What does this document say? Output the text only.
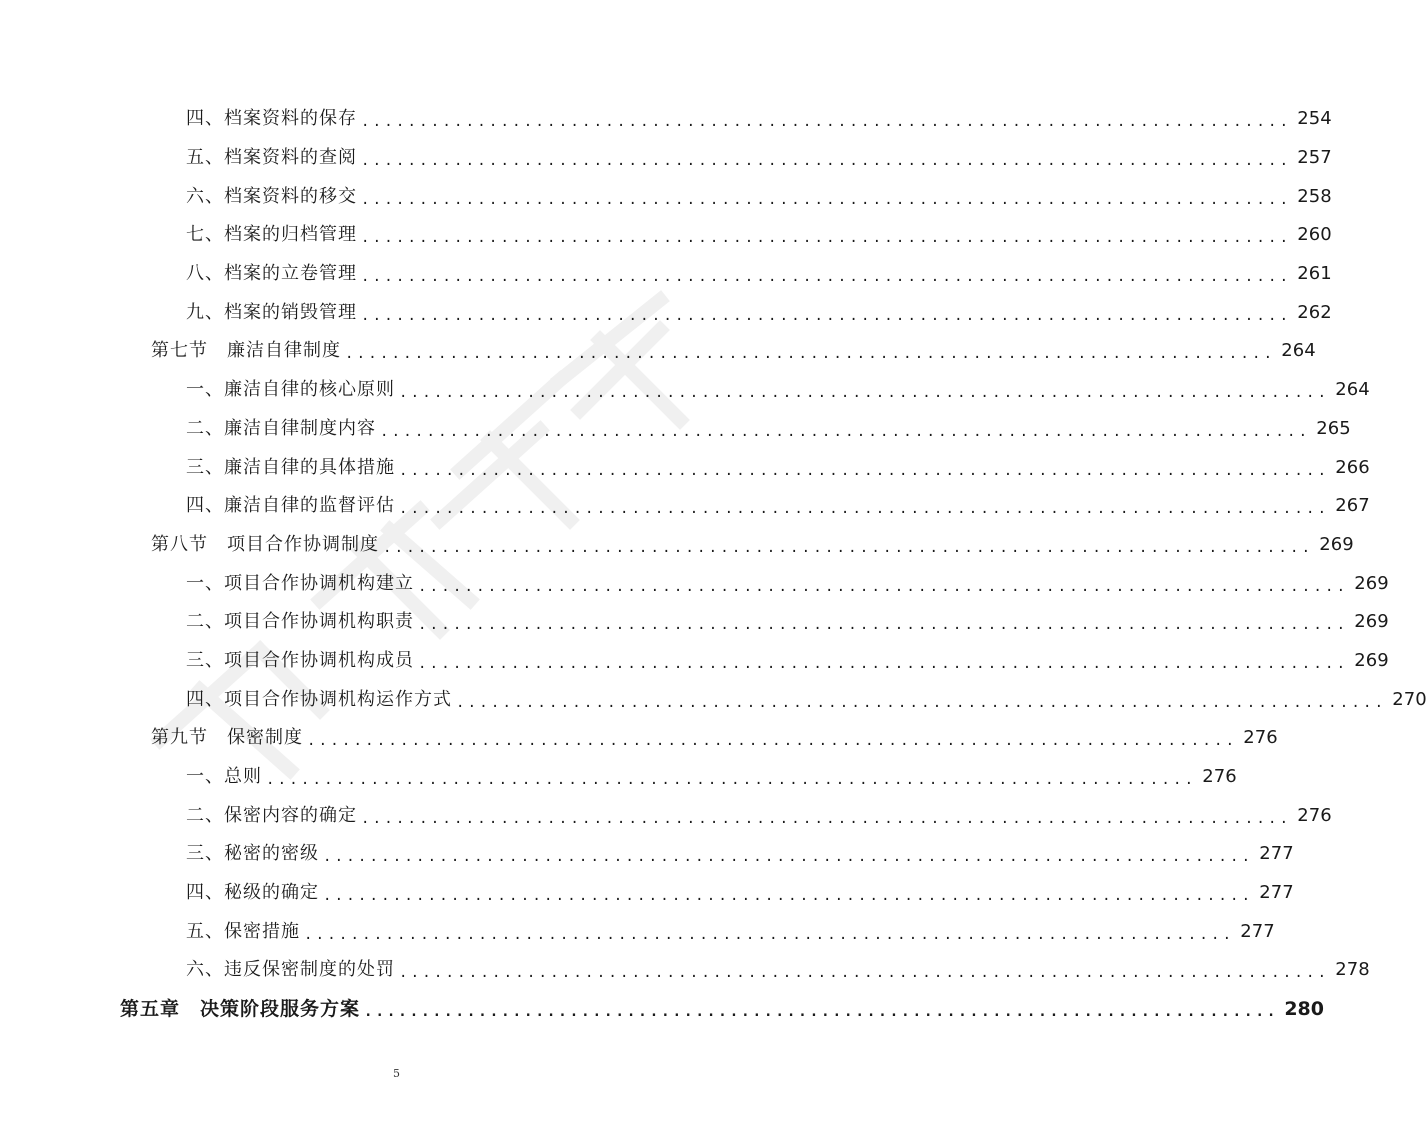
四、档案资料的保存 ................................................................................ 254
五、档案资料的查阅 ................................................................................ 257
六、档案资料的移交 ................................................................................ 258
七、档案的归档管理 ................................................................................ 260
八、档案的立卷管理 ................................................................................ 261
九、档案的销毁管理 ................................................................................ 262
第七节　廉洁自律制度 ................................................................................ 264
一、廉洁自律的核心原则 ................................................................................ 264
二、廉洁自律制度内容 ................................................................................ 265
三、廉洁自律的具体措施 ................................................................................ 266
四、廉洁自律的监督评估 ................................................................................ 267
第八节　项目合作协调制度 ................................................................................ 269
一、项目合作协调机构建立 ................................................................................ 269
二、项目合作协调机构职责 ................................................................................ 269
三、项目合作协调机构成员 ................................................................................ 269
四、项目合作协调机构运作方式 ................................................................................ 270
第九节　保密制度 ................................................................................ 276
一、总则 ................................................................................ 276
二、保密内容的确定 ................................................................................ 276
三、秘密的密级 ................................................................................ 277
四、秘级的确定 ................................................................................ 277
五、保密措施 ................................................................................ 277
六、违反保密制度的处罚 ................................................................................ 278
第五章　决策阶段服务方案 ................................................................................ 280
5
